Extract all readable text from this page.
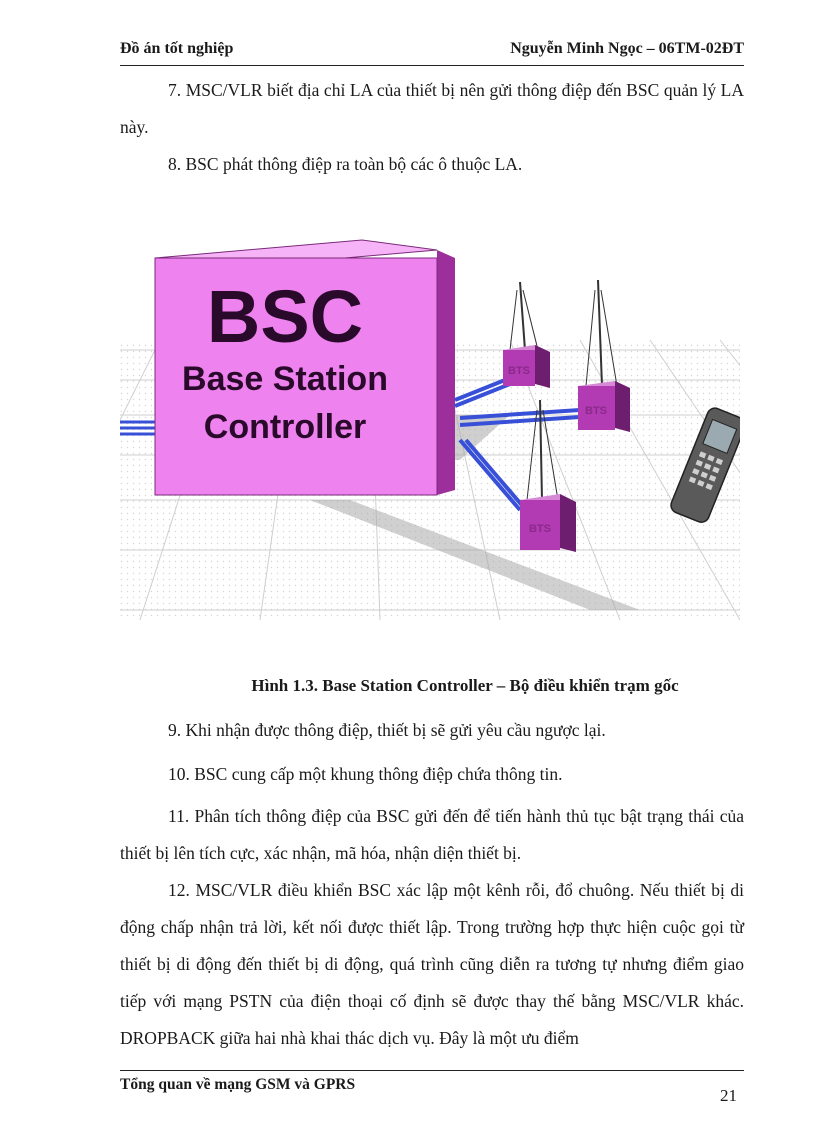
Đồ án tốt nghiệp	Nguyễn Minh Ngọc – 06TM-02ĐT

7. MSC/VLR biết địa chỉ LA của thiết bị nên gửi thông điệp đến BSC quản lý LA này.

8. BSC phát thông điệp ra toàn bộ các ô thuộc LA.

BSC
Base Station
Controller
BTS
BTS
BTS

Hình 1.3. Base Station Controller – Bộ điều khiển trạm gốc

9. Khi nhận được thông điệp, thiết bị sẽ gửi yêu cầu ngược lại.

10. BSC cung cấp một khung thông điệp chứa thông tin.

11. Phân tích thông điệp của BSC gửi đến để tiến hành thủ tục bật trạng thái của thiết bị lên tích cực, xác nhận, mã hóa, nhận diện thiết bị.

12. MSC/VLR điều khiển BSC xác lập một kênh rỗi, đổ chuông. Nếu thiết bị di động chấp nhận trả lời, kết nối được thiết lập. Trong trường hợp thực hiện cuộc gọi từ thiết bị di động đến thiết bị di động, quá trình cũng diễn ra tương tự nhưng điểm giao tiếp với mạng PSTN của điện thoại cố định sẽ được thay thế bằng MSC/VLR khác. DROPBACK giữa hai nhà khai thác dịch vụ. Đây là một ưu điểm

Tổng quan về mạng GSM và GPRS
21
